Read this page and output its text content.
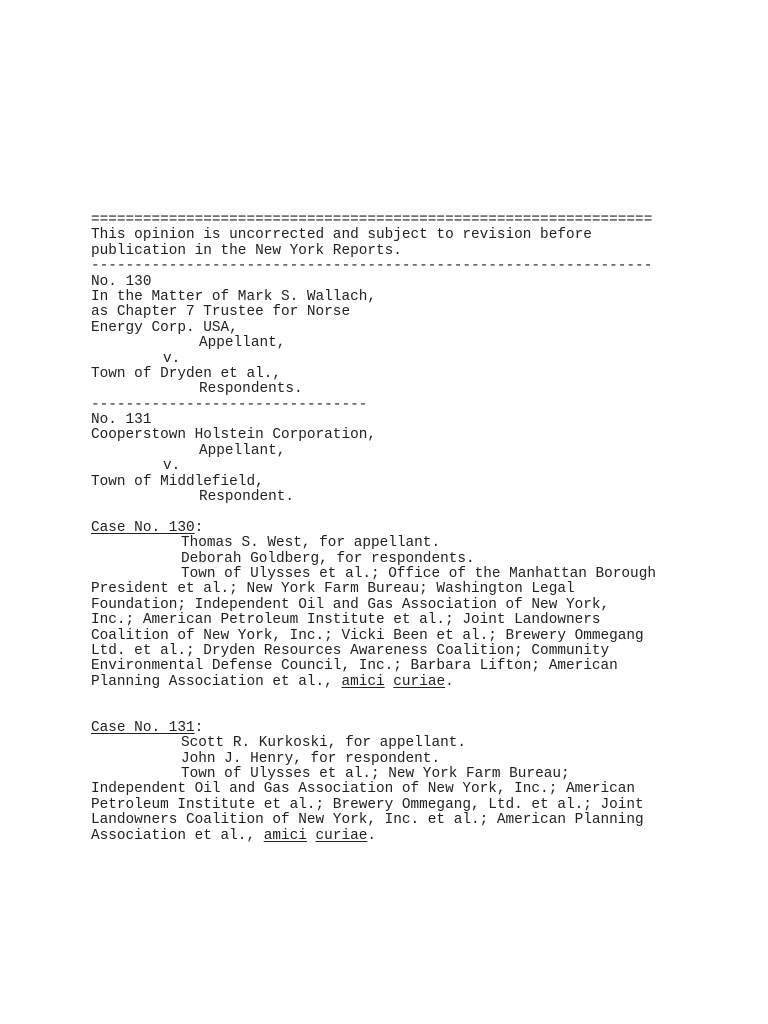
=================================================================
This opinion is uncorrected and subject to revision before
publication in the New York Reports.
-----------------------------------------------------------------
No. 130
In the Matter of Mark S. Wallach,
as Chapter 7 Trustee for Norse
Energy Corp. USA,
Appellant,
v.
Town of Dryden et al.,
Respondents.
--------------------------------
No. 131
Cooperstown Holstein Corporation,
Appellant,
v.
Town of Middlefield,
Respondent.
Case No. 130:
Thomas S. West, for appellant.
Deborah Goldberg, for respondents.
Town of Ulysses et al.; Office of the Manhattan Borough
President et al.; New York Farm Bureau; Washington Legal
Foundation; Independent Oil and Gas Association of New York,
Inc.; American Petroleum Institute et al.; Joint Landowners
Coalition of New York, Inc.; Vicki Been et al.; Brewery Ommegang
Ltd. et al.; Dryden Resources Awareness Coalition; Community
Environmental Defense Council, Inc.; Barbara Lifton; American
Planning Association et al., amici curiae.
Case No. 131:
Scott R. Kurkoski, for appellant.
John J. Henry, for respondent.
Town of Ulysses et al.; New York Farm Bureau;
Independent Oil and Gas Association of New York, Inc.; American
Petroleum Institute et al.; Brewery Ommegang, Ltd. et al.; Joint
Landowners Coalition of New York, Inc. et al.; American Planning
Association et al., amici curiae.
